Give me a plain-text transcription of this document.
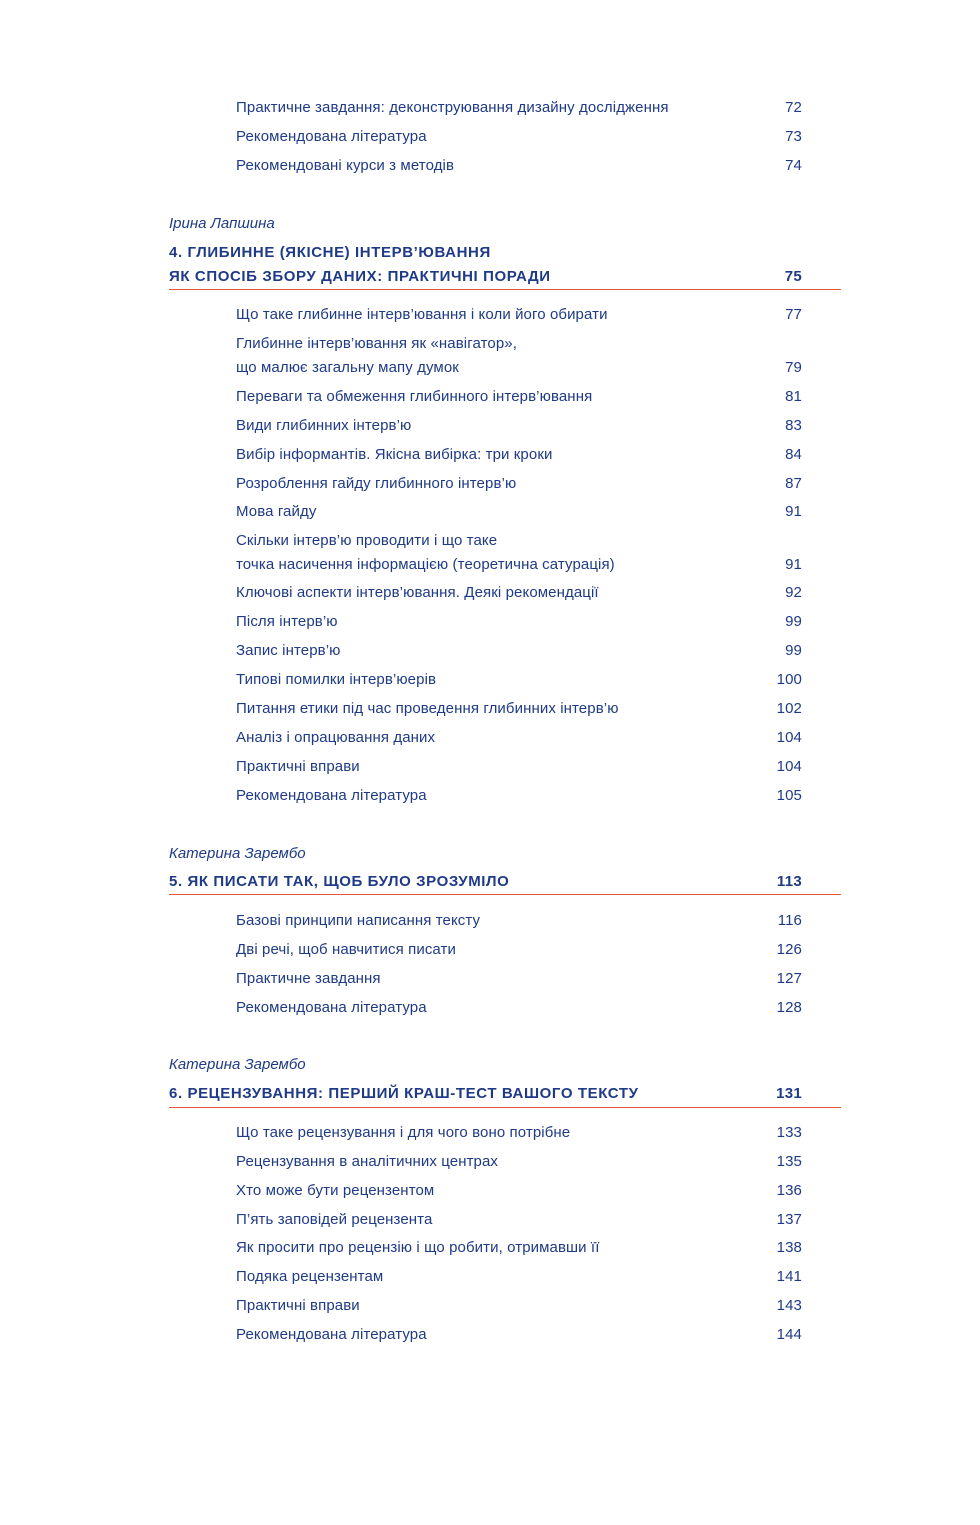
Практичне завдання: деконструювання дизайну дослідження	72
Рекомендована література	73
Рекомендовані курси з методів	74
Ірина Лапшина
4. ГЛИБИННЕ (ЯКІСНЕ) ІНТЕРВ’ЮВАННЯ
ЯК СПОСІБ ЗБОРУ ДАНИХ: ПРАКТИЧНІ ПОРАДИ	75
Що таке глибинне інтерв’ювання і коли його обирати	77
Глибинне інтерв’ювання як «навігатор»,
що малює загальну мапу думок	79
Переваги та обмеження глибинного інтерв’ювання	81
Види глибинних інтерв’ю	83
Вибір інформантів. Якісна вибірка: три кроки	84
Розроблення гайду глибинного інтерв’ю	87
Мова гайду	91
Скільки інтерв’ю проводити і що таке
точка насичення інформацією (теоретична сатурація)	91
Ключові аспекти інтерв’ювання. Деякі рекомендації	92
Після інтерв’ю	99
Запис інтерв’ю	99
Типові помилки інтерв’юерів	100
Питання етики під час проведення глибинних інтерв’ю	102
Аналіз і опрацювання даних	104
Практичні вправи	104
Рекомендована література	105
Катерина Зарембо
5. ЯК ПИСАТИ ТАК, ЩОБ БУЛО ЗРОЗУМІЛО	113
Базові принципи написання тексту	116
Дві речі, щоб навчитися писати	126
Практичне завдання	127
Рекомендована література	128
Катерина Зарембо
6. РЕЦЕНЗУВАННЯ: ПЕРШИЙ КРАШ-ТЕСТ ВАШОГО ТЕКСТУ	131
Що таке рецензування і для чого воно потрібне	133
Рецензування в аналітичних центрах	135
Хто може бути рецензентом	136
П’ять заповідей рецензента	137
Як просити про рецензію і що робити, отримавши її	138
Подяка рецензентам	141
Практичні вправи	143
Рекомендована література	144
